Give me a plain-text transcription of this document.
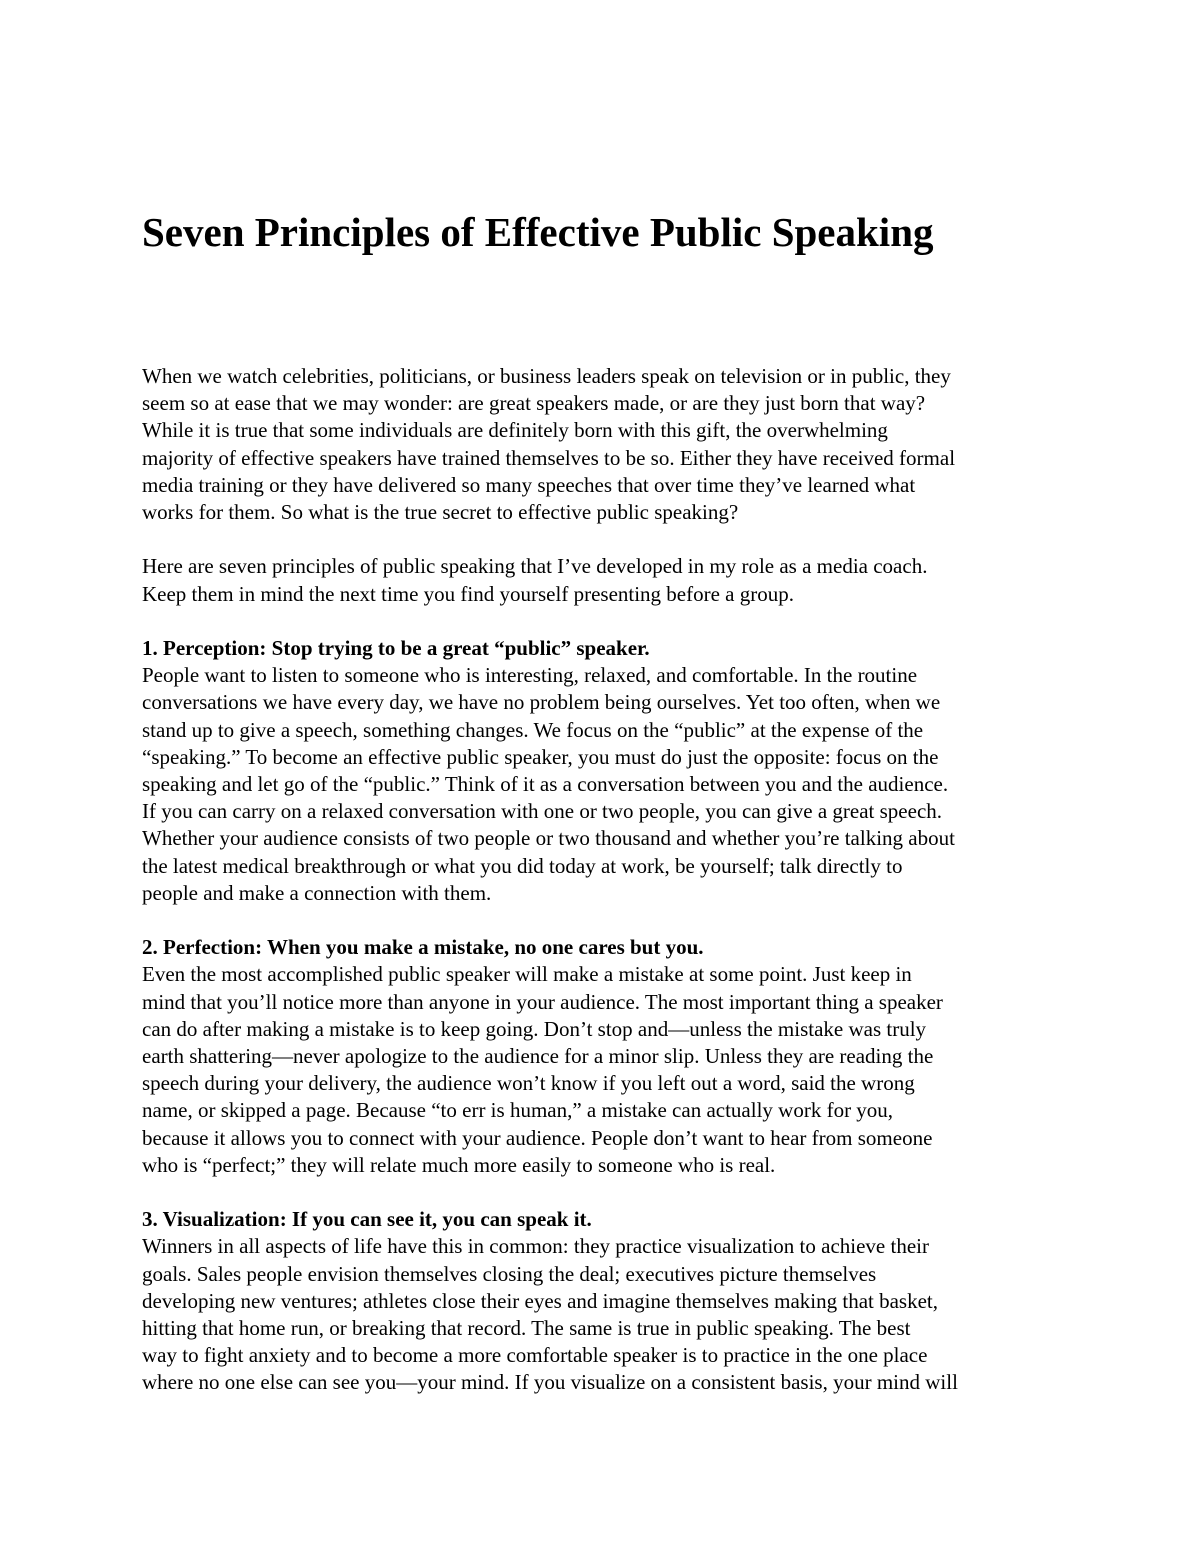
Seven Principles of Effective Public Speaking

When we watch celebrities, politicians, or business leaders speak on television or in public, they
seem so at ease that we may wonder: are great speakers made, or are they just born that way?
While it is true that some individuals are definitely born with this gift, the overwhelming
majority of effective speakers have trained themselves to be so. Either they have received formal
media training or they have delivered so many speeches that over time they’ve learned what
works for them. So what is the true secret to effective public speaking?

Here are seven principles of public speaking that I’ve developed in my role as a media coach.
Keep them in mind the next time you find yourself presenting before a group.

1. Perception: Stop trying to be a great “public” speaker.
People want to listen to someone who is interesting, relaxed, and comfortable. In the routine
conversations we have every day, we have no problem being ourselves. Yet too often, when we
stand up to give a speech, something changes. We focus on the “public” at the expense of the
“speaking.” To become an effective public speaker, you must do just the opposite: focus on the
speaking and let go of the “public.” Think of it as a conversation between you and the audience.
If you can carry on a relaxed conversation with one or two people, you can give a great speech.
Whether your audience consists of two people or two thousand and whether you’re talking about
the latest medical breakthrough or what you did today at work, be yourself; talk directly to
people and make a connection with them.
2. Perfection: When you make a mistake, no one cares but you.
Even the most accomplished public speaker will make a mistake at some point. Just keep in
mind that you’ll notice more than anyone in your audience. The most important thing a speaker
can do after making a mistake is to keep going. Don’t stop and—unless the mistake was truly
earth shattering—never apologize to the audience for a minor slip. Unless they are reading the
speech during your delivery, the audience won’t know if you left out a word, said the wrong
name, or skipped a page. Because “to err is human,” a mistake can actually work for you,
because it allows you to connect with your audience. People don’t want to hear from someone
who is “perfect;” they will relate much more easily to someone who is real.
3. Visualization: If you can see it, you can speak it.
Winners in all aspects of life have this in common: they practice visualization to achieve their
goals. Sales people envision themselves closing the deal; executives picture themselves
developing new ventures; athletes close their eyes and imagine themselves making that basket,
hitting that home run, or breaking that record. The same is true in public speaking. The best
way to fight anxiety and to become a more comfortable speaker is to practice in the one place
where no one else can see you—your mind. If you visualize on a consistent basis, your mind will
